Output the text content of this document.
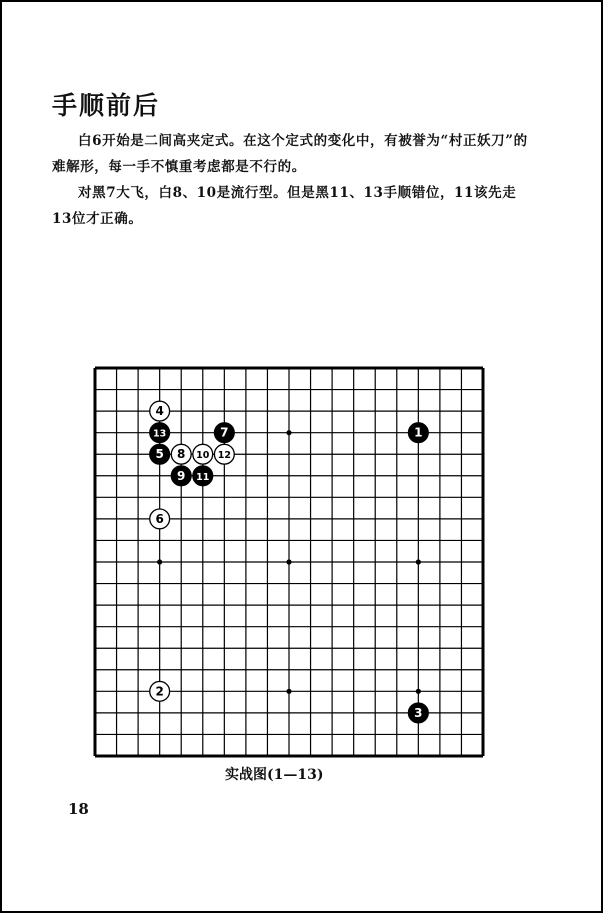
手顺前后

白6开始是二间高夹定式。在这个定式的变化中，有被誉为“村正妖刀”的难解形，每一手不慎重考虑都是不行的。

对黑7大飞，白8、10是流行型。但是黑11、13手顺错位，11该先走13位才正确。

1
2
3
4
5
6
7
8
9
10
11
12
13
实战图(1—13)
18
